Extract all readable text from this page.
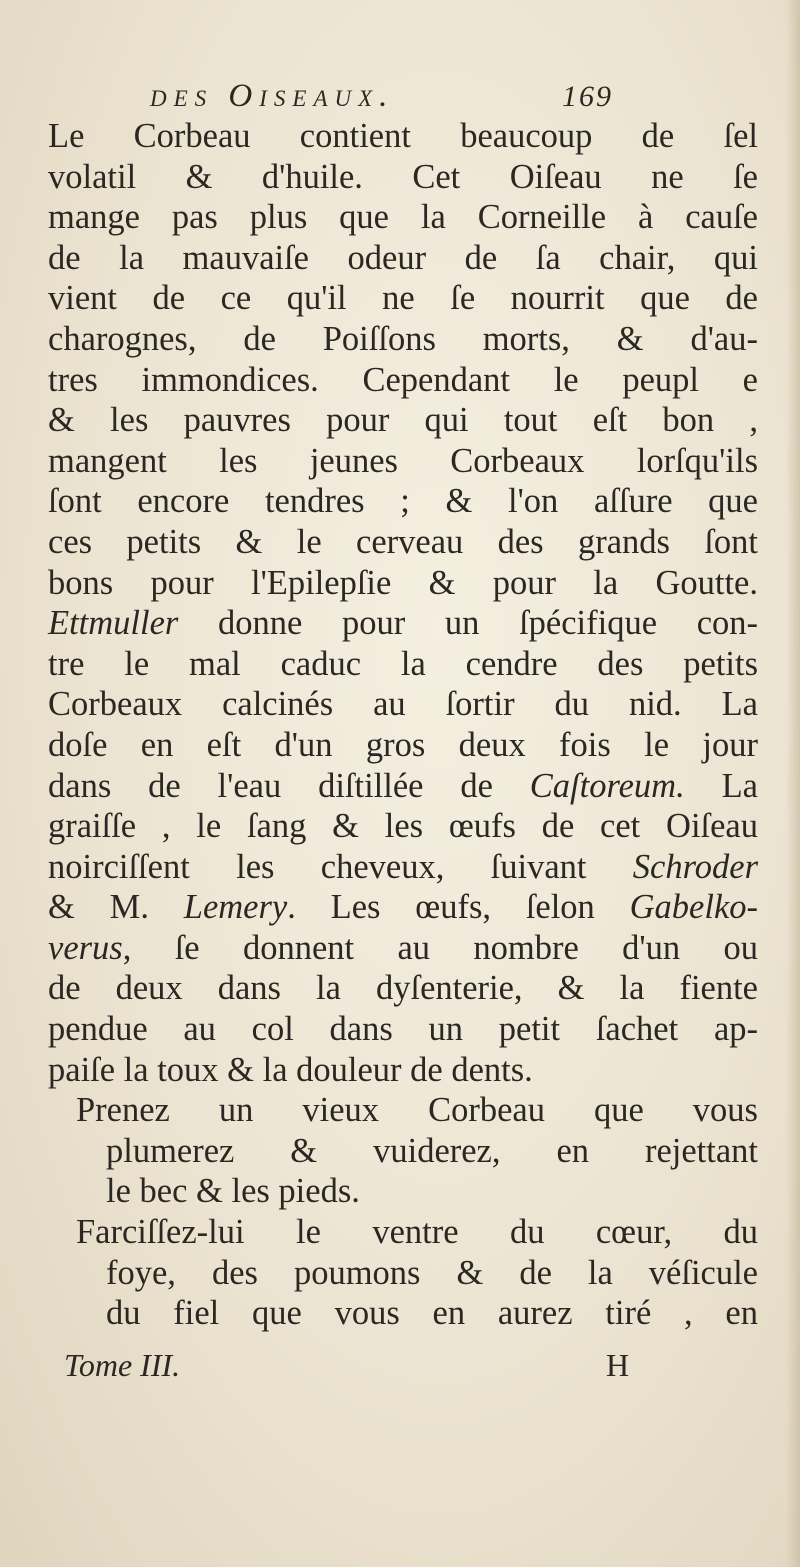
des Oiseaux.	169
Le Corbeau contient beaucoup de ſel
volatil & d'huile. Cet Oiſeau ne ſe
mange pas plus que la Corneille à cauſe
de la mauvaiſe odeur de ſa chair, qui
vient de ce qu'il ne ſe nourrit que de
charognes, de Poiſſons morts, & d'au-
tres immondices. Cependant le peupl e
& les pauvres pour qui tout eſt bon ,
mangent les jeunes Corbeaux lorſqu'ils
ſont encore tendres ; & l'on aſſure que
ces petits & le cerveau des grands ſont
bons pour l'Epilepſie & pour la Goutte.
Ettmuller donne pour un ſpécifique con-
tre le mal caduc la cendre des petits
Corbeaux calcinés au ſortir du nid. La
doſe en eſt d'un gros deux fois le jour
dans de l'eau diſtillée de Caſtoreum. La
graiſſe , le ſang & les œufs de cet Oiſeau
noirciſſent les cheveux, ſuivant Schroder
& M. Lemery. Les œufs, ſelon Gabelko-
verus, ſe donnent au nombre d'un ou
de deux dans la dyſenterie, & la fiente
pendue au col dans un petit ſachet ap-
paiſe la toux & la douleur de dents.
Prenez un vieux Corbeau que vous
plumerez & vuiderez, en rejettant
le bec & les pieds.
Farciſſez-lui le ventre du cœur, du
foye, des poumons & de la véſicule
du fiel que vous en aurez tiré , en
Tome III.	H
